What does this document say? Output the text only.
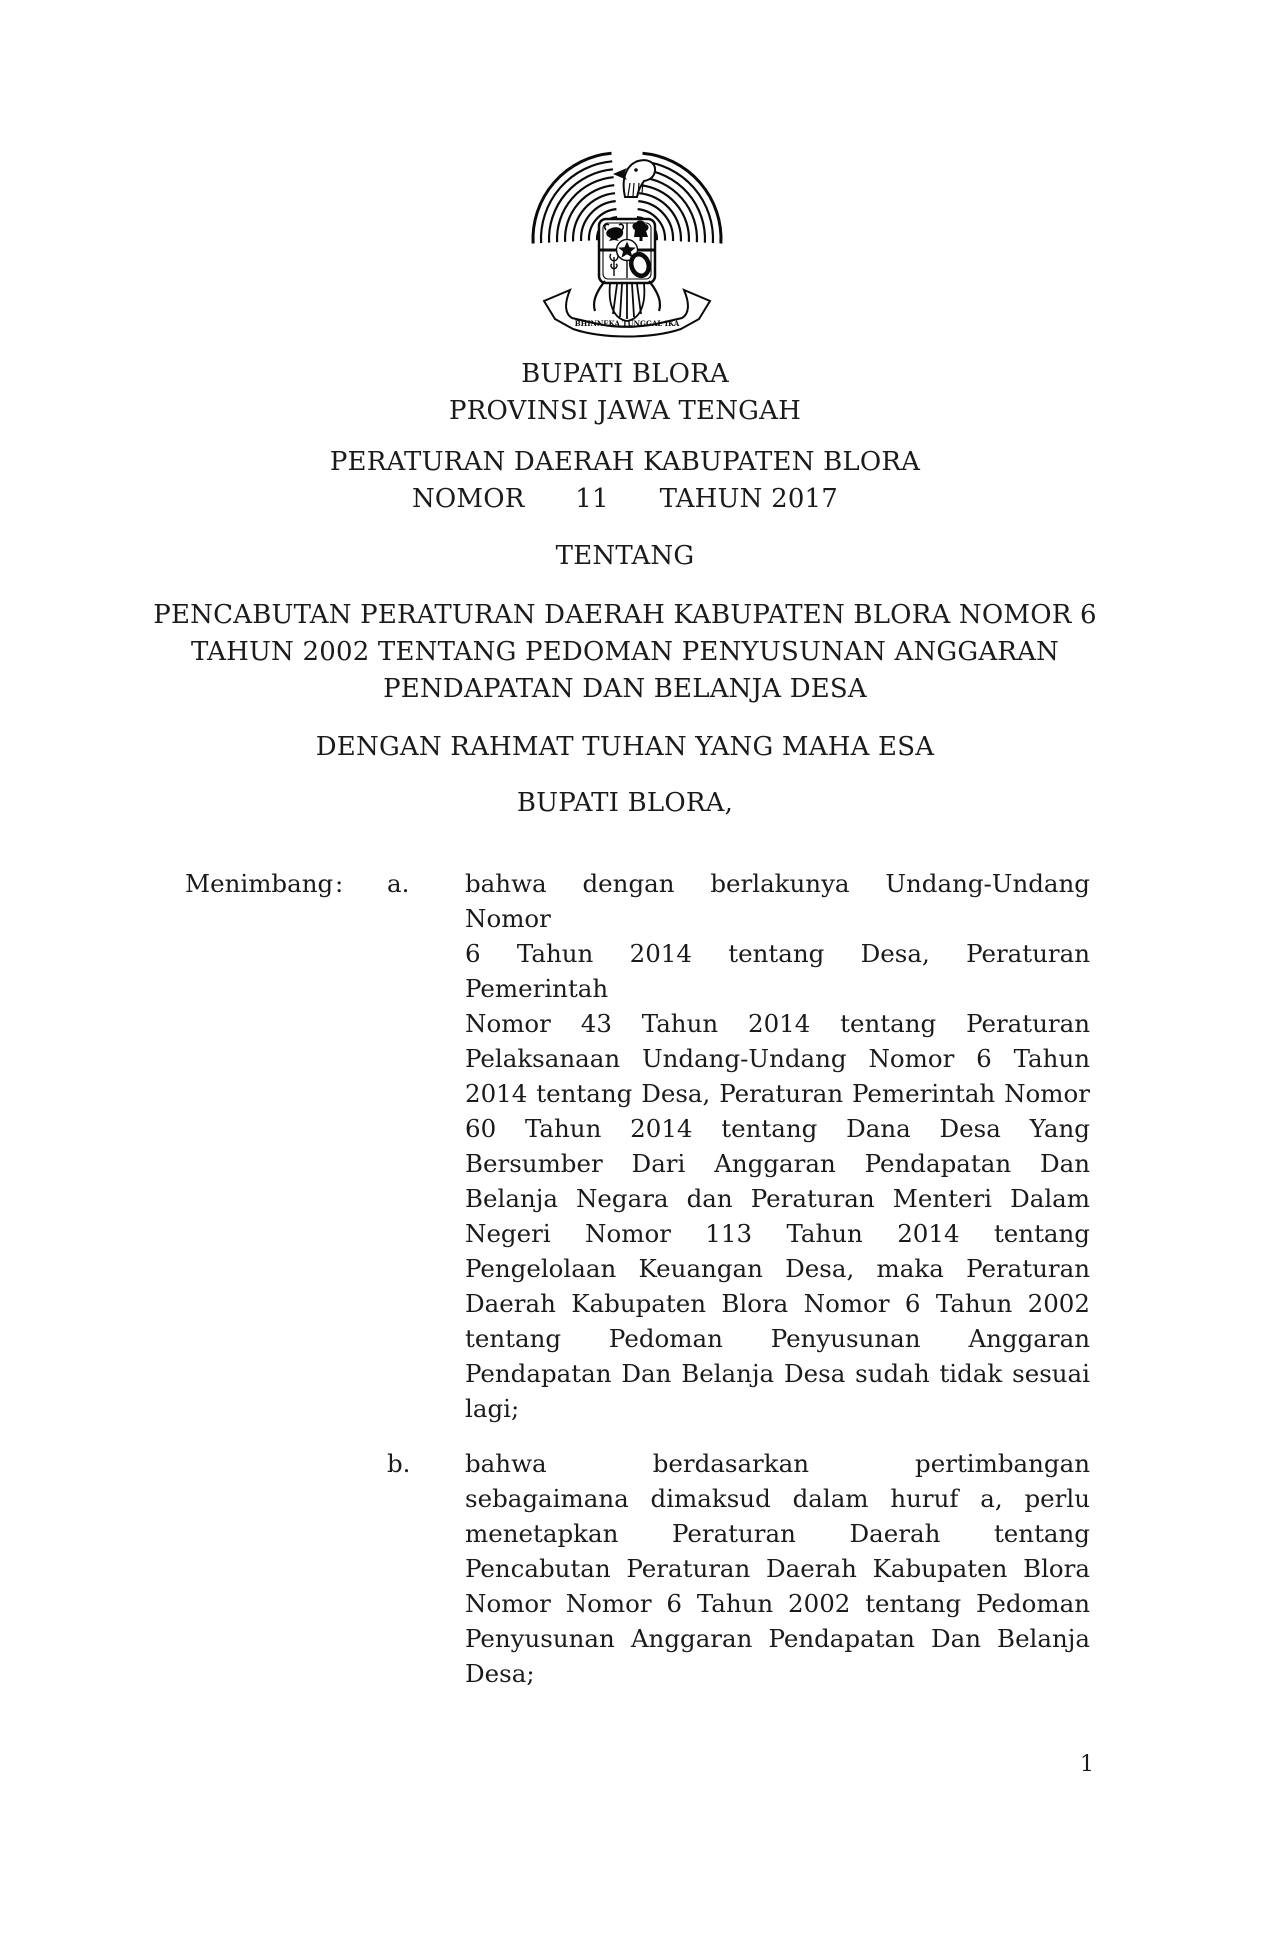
BHINNEKA TUNGGAL IKA
BUPATI BLORA
PROVINSI JAWA TENGAH
PERATURAN DAERAH KABUPATEN BLORA
NOMOR      11      TAHUN 2017
TENTANG
PENCABUTAN PERATURAN DAERAH KABUPATEN BLORA NOMOR 6
TAHUN 2002 TENTANG PEDOMAN PENYUSUNAN ANGGARAN
PENDAPATAN DAN BELANJA DESA
DENGAN RAHMAT TUHAN YANG MAHA ESA
BUPATI BLORA,
Menimbang :	a.	bahwa dengan berlakunya Undang-Undang Nomor
6 Tahun 2014 tentang Desa, Peraturan Pemerintah
Nomor 43 Tahun 2014 tentang Peraturan
Pelaksanaan Undang-Undang Nomor 6 Tahun
2014 tentang Desa, Peraturan Pemerintah Nomor
60 Tahun 2014 tentang Dana Desa Yang
Bersumber Dari Anggaran Pendapatan Dan
Belanja Negara dan Peraturan Menteri Dalam
Negeri Nomor 113 Tahun 2014 tentang
Pengelolaan Keuangan Desa, maka Peraturan
Daerah Kabupaten Blora Nomor 6 Tahun 2002
tentang Pedoman Penyusunan Anggaran
Pendapatan Dan Belanja Desa sudah tidak sesuai
lagi;
b.	bahwa berdasarkan pertimbangan
sebagaimana dimaksud dalam huruf a, perlu
menetapkan Peraturan Daerah tentang
Pencabutan Peraturan Daerah Kabupaten Blora
Nomor Nomor 6 Tahun 2002 tentang Pedoman
Penyusunan Anggaran Pendapatan Dan Belanja
Desa;
1
